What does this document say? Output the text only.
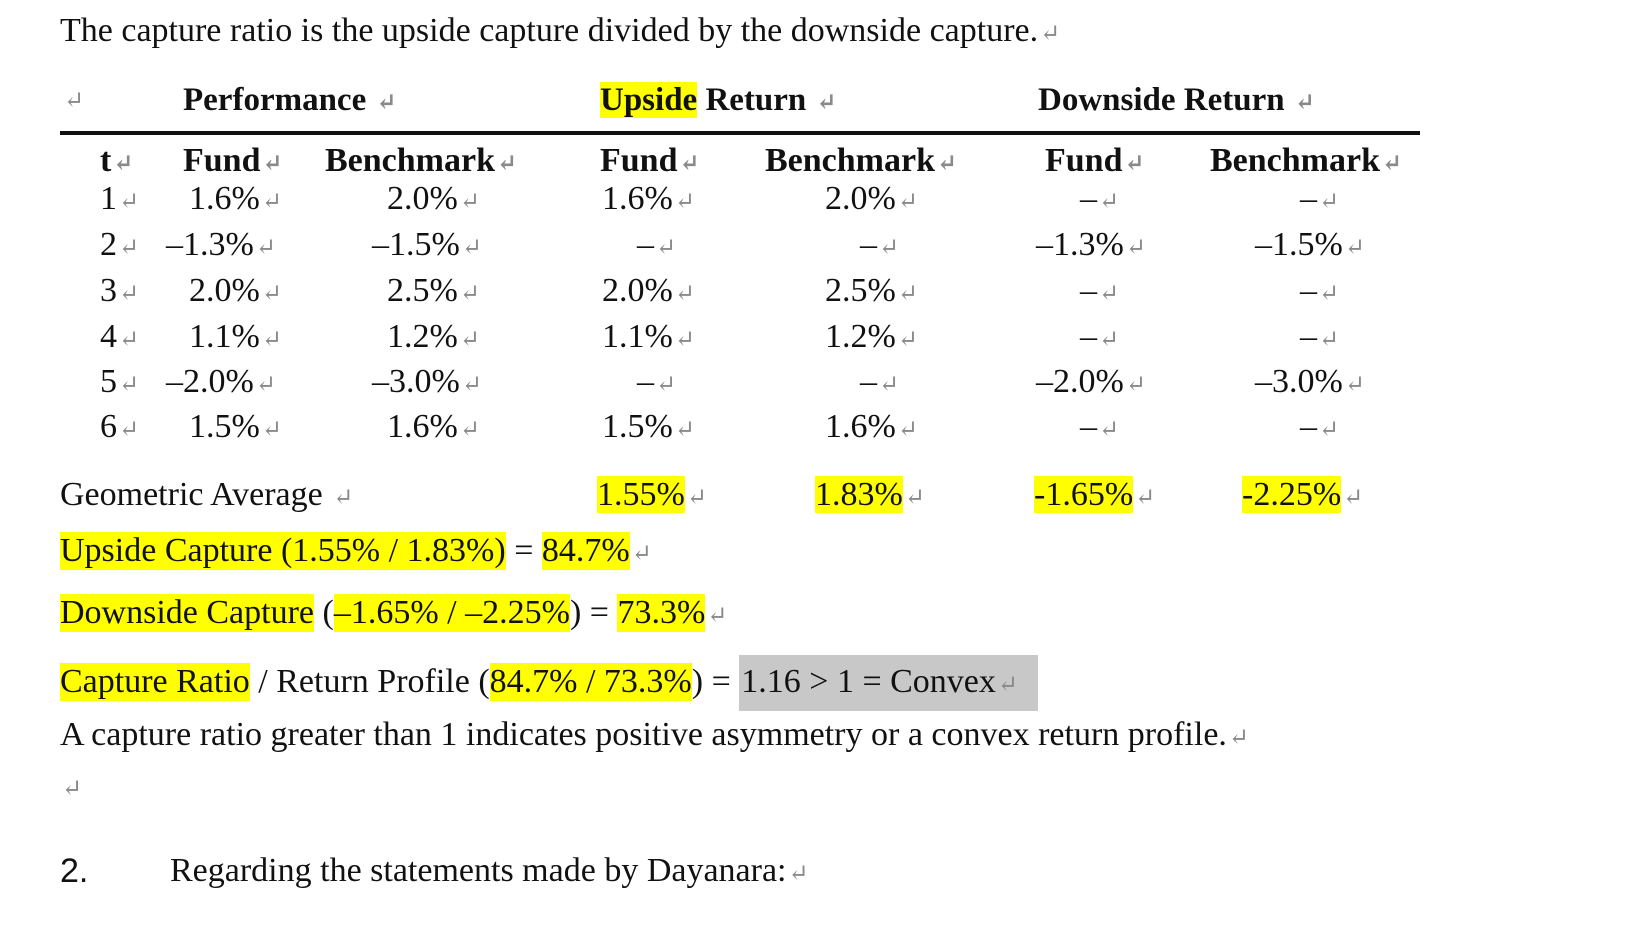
The capture ratio is the upside capture divided by the downside capture.↵
↵	Performance ↵	Upside Return ↵	Downside Return ↵
t↵ Fund↵ Benchmark↵ Fund↵ Benchmark↵	Fund↵ Benchmark↵
1↵ 1.6%↵	2.0%↵	1.6%↵	2.0%↵	–↵	–↵
2↵ –1.3%↵	–1.5%↵	–↵	–↵	–1.3%↵	–1.5%↵
3↵ 2.0%↵	2.5%↵	2.0%↵	2.5%↵	–↵	–↵
4↵ 1.1%↵	1.2%↵	1.1%↵	1.2%↵	–↵	–↵
5↵ –2.0%↵	–3.0%↵	–↵	–↵	–2.0%↵	–3.0%↵
6↵ 1.5%↵	1.6%↵	1.5%↵	1.6%↵	–↵	–↵
Geometric Average ↵	1.55%↵	1.83%↵	-1.65%↵	-2.25%↵
Upside Capture (1.55% / 1.83%) = 84.7%↵
Downside Capture (–1.65% / –2.25%) = 73.3%↵
Capture Ratio / Return Profile (84.7% / 73.3%) = 1.16 > 1 = Convex↵
A capture ratio greater than 1 indicates positive asymmetry or a convex return profile.↵
↵
2. Regarding the statements made by Dayanara:↵
